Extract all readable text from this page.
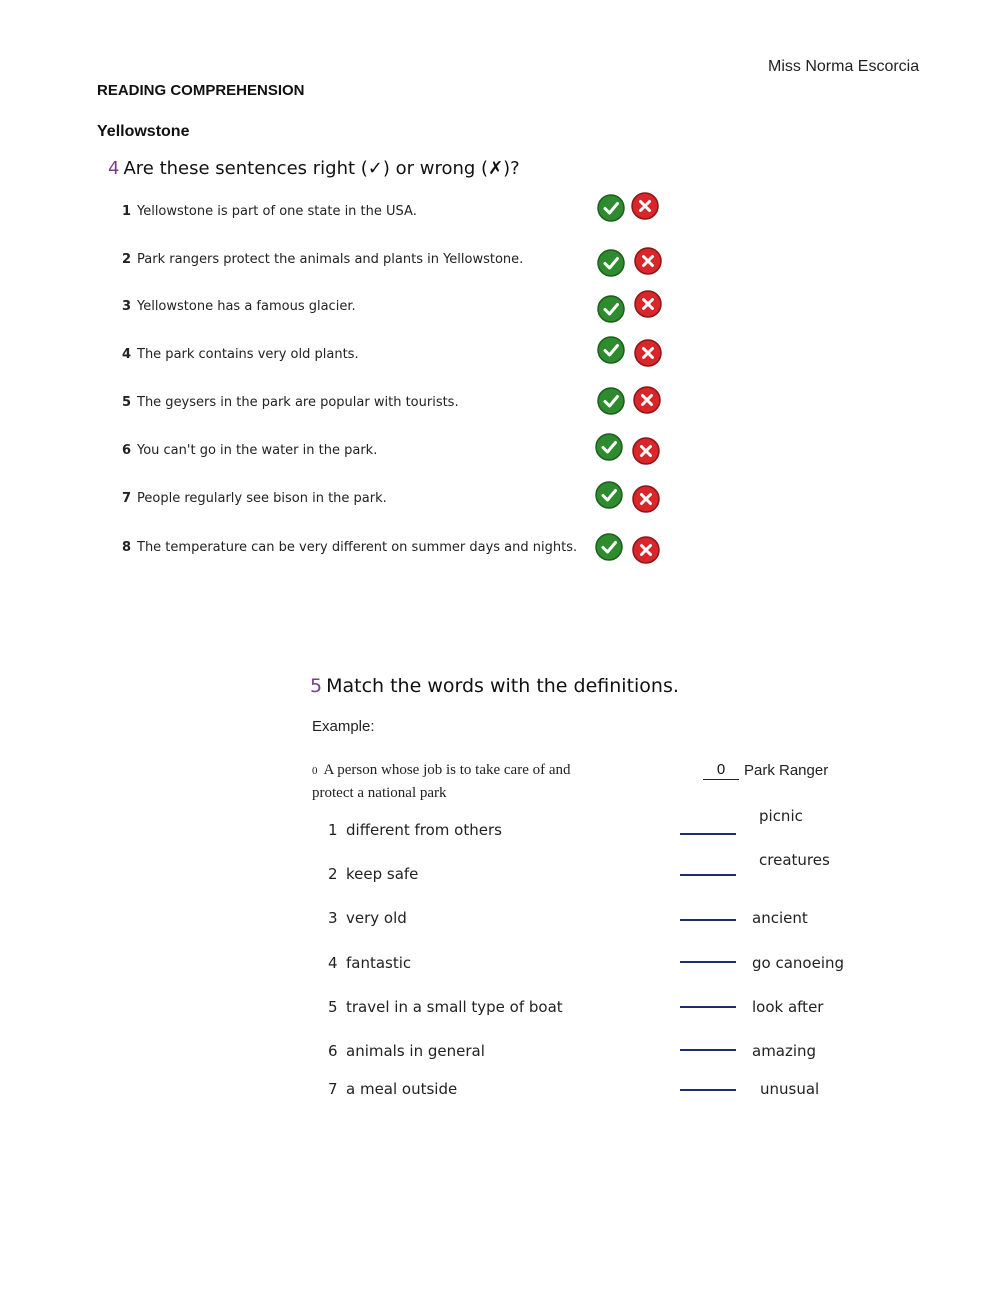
Miss Norma Escorcia
READING COMPREHENSION
Yellowstone
4 Are these sentences right (✓) or wrong (✗)?
1 Yellowstone is part of one state in the USA.
2 Park rangers protect the animals and plants in Yellowstone.
3 Yellowstone has a famous glacier.
4 The park contains very old plants.
5 The geysers in the park are popular with tourists.
6 You can't go in the water in the park.
7 People regularly see bison in the park.
8 The temperature can be very different on summer days and nights.
5 Match the words with the definitions.
Example:
0 A person whose job is to take care of and protect a national park
0	Park Ranger
1 different from others
2 keep safe
3 very old
4 fantastic
5 travel in a small type of boat
6 animals in general
7 a meal outside
picnic
creatures
ancient
go canoeing
look after
amazing
unusual
